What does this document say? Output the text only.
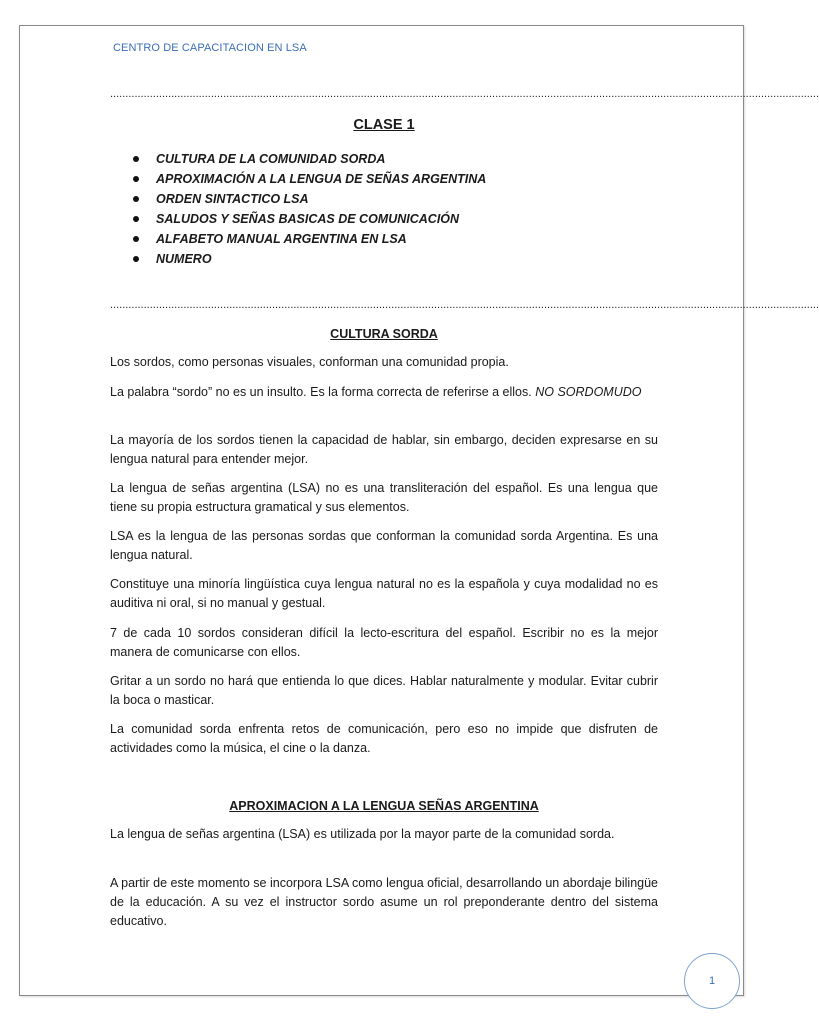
CENTRO DE CAPACITACION EN LSA
........................................................................................................................................................................................................................................
CLASE 1
CULTURA DE LA COMUNIDAD SORDA
APROXIMACIÓN A LA LENGUA DE SEÑAS ARGENTINA
ORDEN SINTACTICO LSA
SALUDOS Y SEÑAS BASICAS DE COMUNICACIÓN
ALFABETO MANUAL ARGENTINA EN LSA
NUMERO
........................................................................................................................................................................................................................................
CULTURA SORDA

Los sordos, como personas visuales, conforman una comunidad propia.

La palabra “sordo” no es un insulto. Es la forma correcta de referirse a ellos. NO SORDOMUDO

La mayoría de los sordos tienen la capacidad de hablar, sin embargo, deciden expresarse en su lengua natural para entender mejor.

La lengua de señas argentina (LSA) no es una transliteración del español. Es una lengua que tiene su propia estructura gramatical y sus elementos.

LSA es la lengua de las personas sordas que conforman la comunidad sorda Argentina. Es una lengua natural.

Constituye una minoría lingüística cuya lengua natural no es la española y cuya modalidad no es auditiva ni oral, si no manual y gestual.

7 de cada 10 sordos consideran difícil la lecto-escritura del español. Escribir no es la mejor manera de comunicarse con ellos.

Gritar a un sordo no hará que entienda lo que dices. Hablar naturalmente y modular. Evitar cubrir la boca o masticar.

La comunidad sorda enfrenta retos de comunicación, pero eso no impide que disfruten de actividades como la música, el cine o la danza.

APROXIMACION A LA LENGUA SEÑAS ARGENTINA

La lengua de señas argentina (LSA) es utilizada por la mayor parte de la comunidad sorda.

A partir de este momento se incorpora LSA como lengua oficial, desarrollando un abordaje bilingüe de la educación. A su vez el instructor sordo asume un rol preponderante dentro del sistema educativo.

1
